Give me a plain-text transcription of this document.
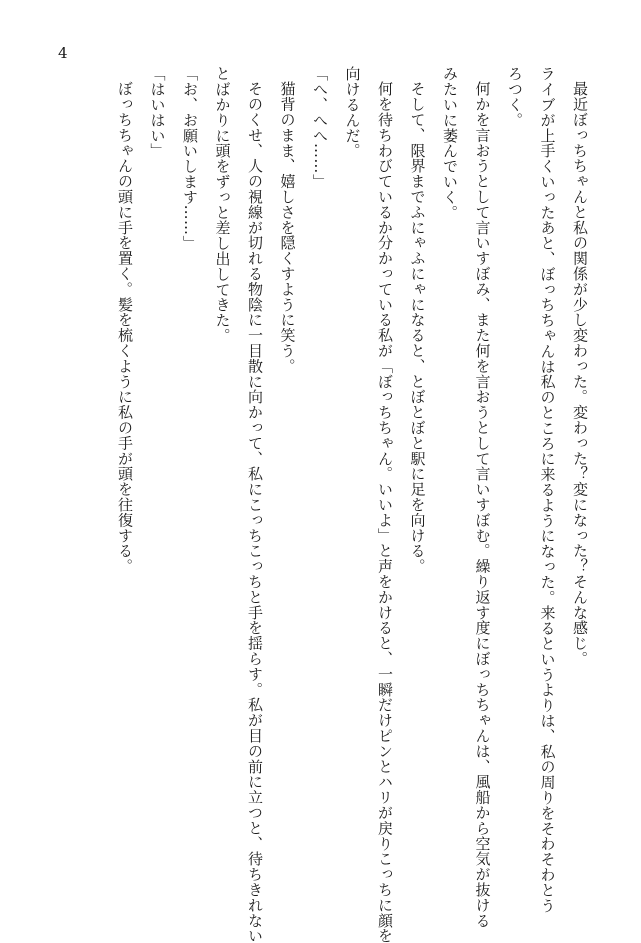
4
最近ぼっちちゃんと私の関係が少し変わった。変わった？変になった？そんな感じ。
ライブが上手くいったあと、ぼっちちゃんは私のところに来るようになった。来るというよりは、私の周りをそわそわとう
ろつく。
何かを言おうとして言いすぼみ、また何を言おうとして言いすぼむ。繰り返す度にぼっちちゃんは、風船から空気が抜ける
みたいに萎んでいく。
そして、限界までふにゃふにゃになると、とぼとぼと駅に足を向ける。
何を待ちわびているか分かっている私が「ぼっちちゃん。いいよ」と声をかけると、一瞬だけピンとハリが戻りこっちに顔を
向けるんだ。
「へ、へへ……」
猫背のまま、嬉しさを隠くすように笑う。
そのくせ、人の視線が切れる物陰に一目散に向かって、私にこっちこっちと手を揺らす。私が目の前に立つと、待ちきれない
とばかりに頭をずっと差し出してきた。
「お、お願いします……」
「はいはい」
ぼっちちゃんの頭に手を置く。髪を梳くように私の手が頭を往復する。
